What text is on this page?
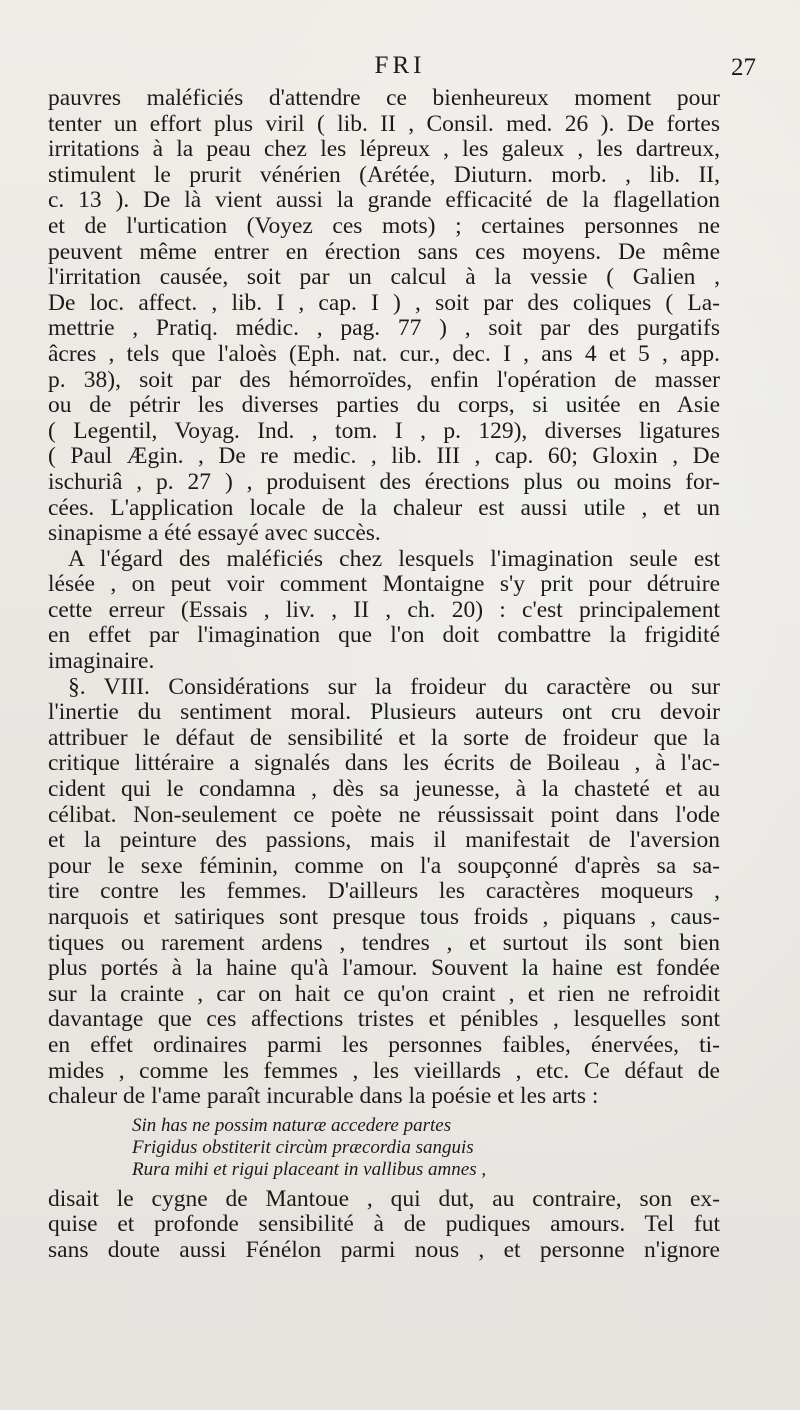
FRI	27
pauvres maléficiés d'attendre ce bienheureux moment pour
tenter un effort plus viril ( lib. II , Consil. med. 26 ). De fortes
irritations à la peau chez les lépreux , les galeux , les dartreux,
stimulent le prurit vénérien (Arétée, Diuturn. morb. , lib. II,
c. 13 ). De là vient aussi la grande efficacité de la flagellation
et de l'urtication (Voyez ces mots) ; certaines personnes ne
peuvent même entrer en érection sans ces moyens. De même
l'irritation causée, soit par un calcul à la vessie ( Galien ,
De loc. affect. , lib. I , cap. I ) , soit par des coliques ( La-
mettrie , Pratiq. médic. , pag. 77 ) , soit par des purgatifs
âcres , tels que l'aloès (Eph. nat. cur., dec. I , ans 4 et 5 , app.
p. 38), soit par des hémorroïdes, enfin l'opération de masser
ou de pétrir les diverses parties du corps, si usitée en Asie
( Legentil, Voyag. Ind. , tom. I , p. 129), diverses ligatures
( Paul Ægin. , De re medic. , lib. III , cap. 60; Gloxin , De
ischuriâ , p. 27 ) , produisent des érections plus ou moins for-
cées. L'application locale de la chaleur est aussi utile , et un
sinapisme a été essayé avec succès.
A l'égard des maléficiés chez lesquels l'imagination seule est
lésée , on peut voir comment Montaigne s'y prit pour détruire
cette erreur (Essais , liv. , II , ch. 20) : c'est principalement
en effet par l'imagination que l'on doit combattre la frigidité
imaginaire.
§. VIII. Considérations sur la froideur du caractère ou sur
l'inertie du sentiment moral. Plusieurs auteurs ont cru devoir
attribuer le défaut de sensibilité et la sorte de froideur que la
critique littéraire a signalés dans les écrits de Boileau , à l'ac-
cident qui le condamna , dès sa jeunesse, à la chasteté et au
célibat. Non-seulement ce poète ne réussissait point dans l'ode
et la peinture des passions, mais il manifestait de l'aversion
pour le sexe féminin, comme on l'a soupçonné d'après sa sa-
tire contre les femmes. D'ailleurs les caractères moqueurs ,
narquois et satiriques sont presque tous froids , piquans , caus-
tiques ou rarement ardens , tendres , et surtout ils sont bien
plus portés à la haine qu'à l'amour. Souvent la haine est fondée
sur la crainte , car on hait ce qu'on craint , et rien ne refroidit
davantage que ces affections tristes et pénibles , lesquelles sont
en effet ordinaires parmi les personnes faibles, énervées, ti-
mides , comme les femmes , les vieillards , etc. Ce défaut de
chaleur de l'ame paraît incurable dans la poésie et les arts :
Sin has ne possim naturæ accedere partes
Frigidus obstiterit circùm præcordia sanguis
Rura mihi et rigui placeant in vallibus amnes ,
disait le cygne de Mantoue , qui dut, au contraire, son ex-
quise et profonde sensibilité à de pudiques amours. Tel fut
sans doute aussi Fénélon parmi nous , et personne n'ignore
